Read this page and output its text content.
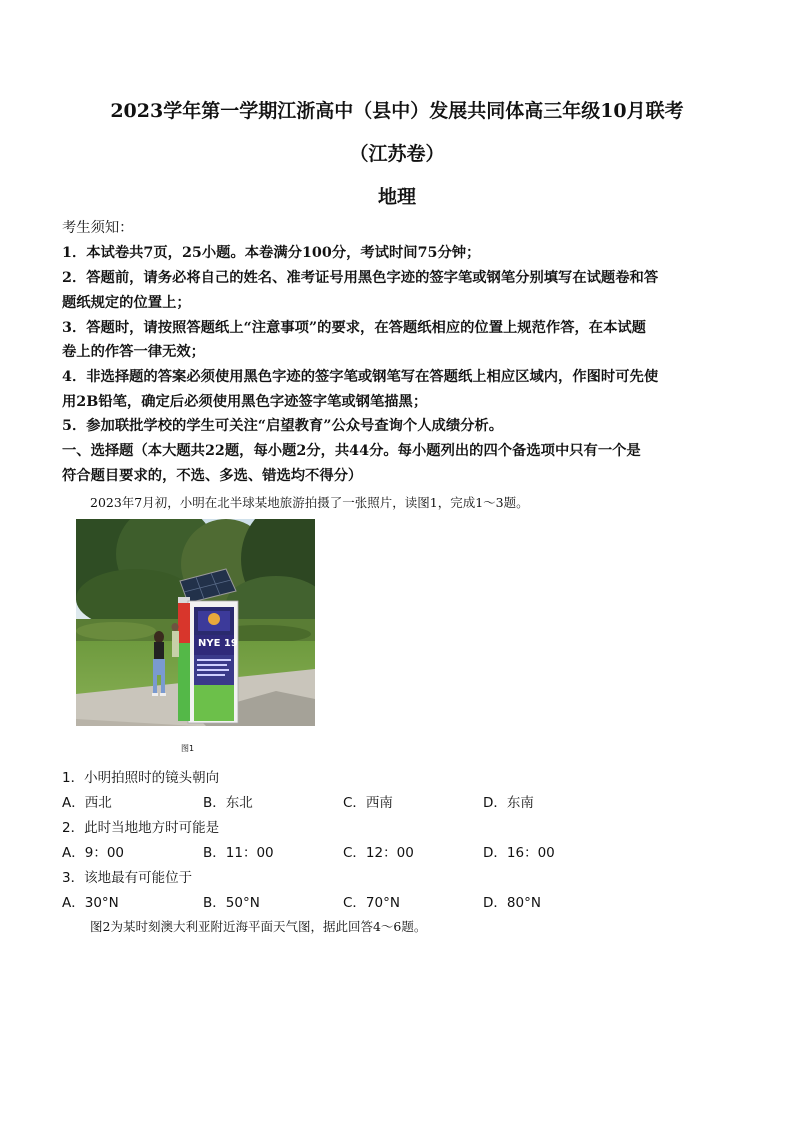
2023学年第一学期江浙高中（县中）发展共同体高三年级10月联考
（江苏卷）
地理
考生须知：
1．本试卷共7页，25小题。本卷满分100分，考试时间75分钟；
2．答题前，请务必将自己的姓名、准考证号用黑色字迹的签字笔或钢笔分别填写在试题卷和答
题纸规定的位置上；
3．答题时，请按照答题纸上“注意事项”的要求，在答题纸相应的位置上规范作答，在本试题
卷上的作答一律无效；
4．非选择题的答案必须使用黑色字迹的签字笔或钢笔写在答题纸上相应区域内，作图时可先使
用2B铅笔，确定后必须使用黑色字迹签字笔或钢笔描黑；
5．参加联批学校的学生可关注“启望教育”公众号查询个人成绩分析。
一、选择题（本大题共22题，每小题2分，共44分。每小题列出的四个备选项中只有一个是
符合题目要求的，不选、多选、错选均不得分）
2023年7月初，小明在北半球某地旅游拍摄了一张照片，读图1，完成1～3题。
NYE 19
图1
1．小明拍照时的镜头朝向
A．西北	B．东北	C．西南	D．东南
2．此时当地地方时可能是
A．9：00	B．11：00	C．12：00	D．16：00
3．该地最有可能位于
A．30°N	B．50°N	C．70°N	D．80°N
图2为某时刻澳大利亚附近海平面天气图，据此回答4～6题。
